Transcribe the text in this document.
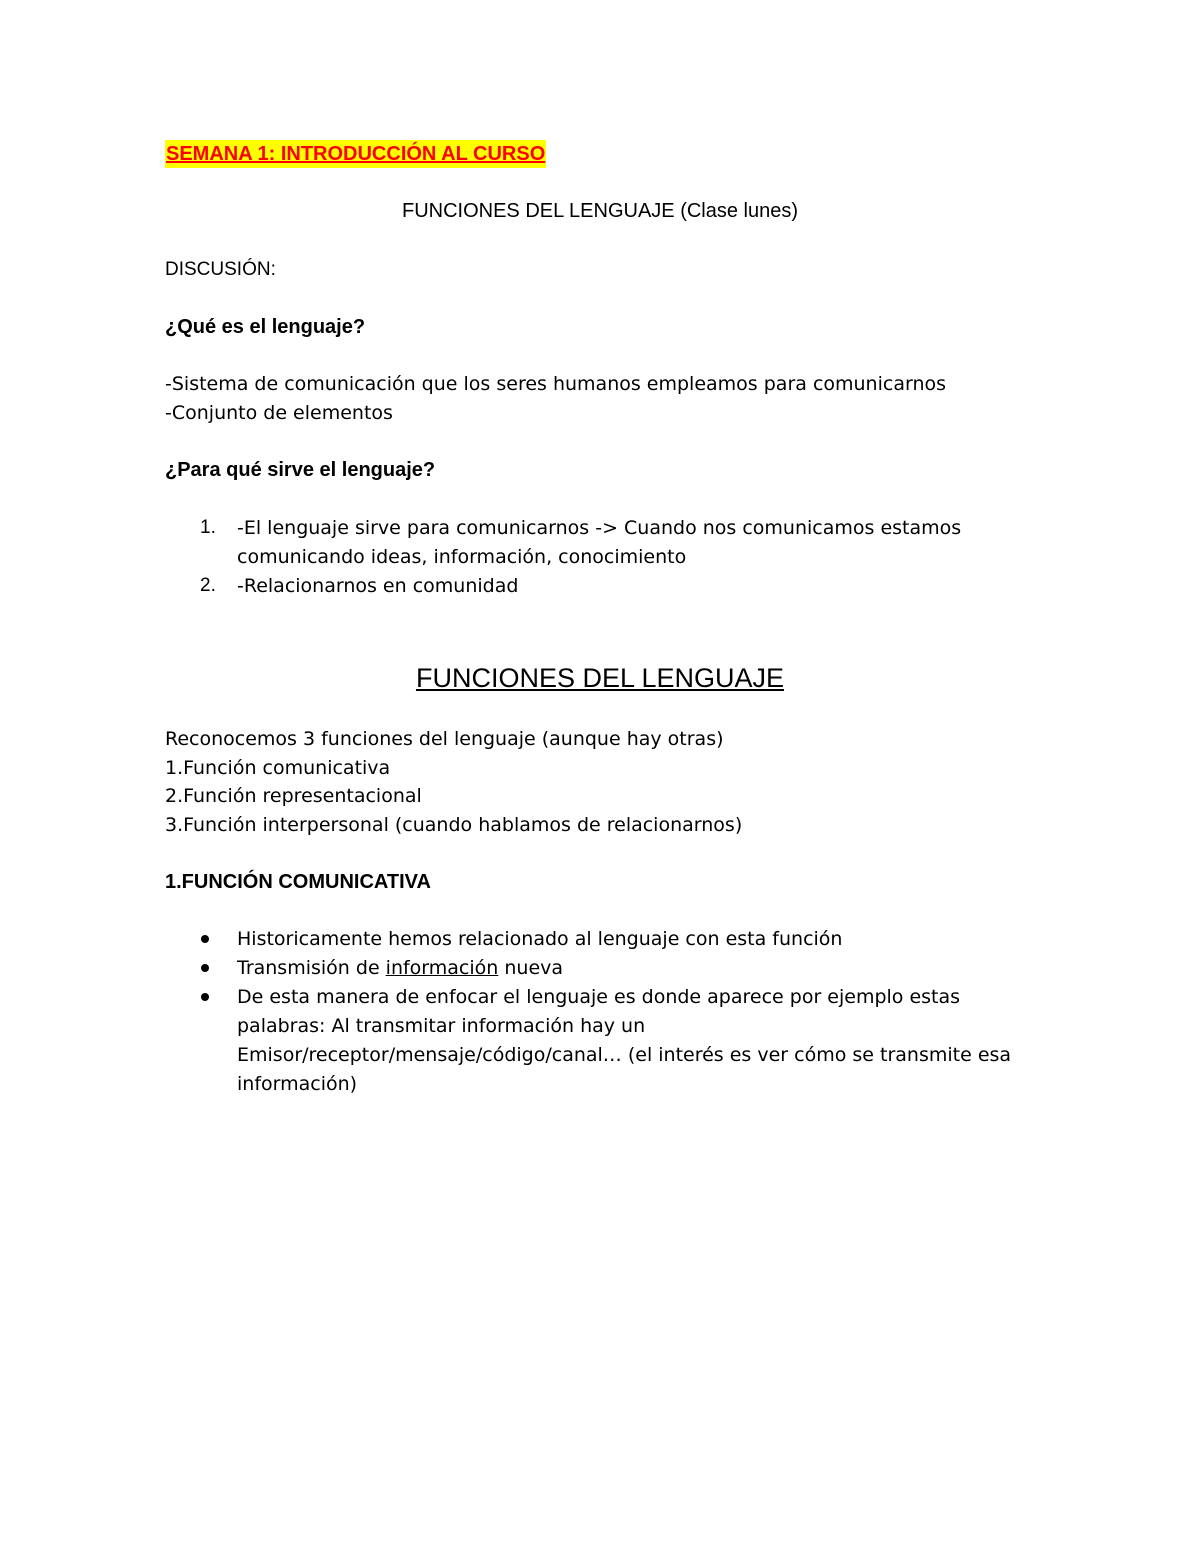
SEMANA 1: INTRODUCCIÓN AL CURSO
FUNCIONES DEL LENGUAJE (Clase lunes)
DISCUSIÓN:
¿Qué es el lenguaje?
-Sistema de comunicación que los seres humanos empleamos para comunicarnos
-Conjunto de elementos
¿Para qué sirve el lenguaje?
1. -El lenguaje sirve para comunicarnos -> Cuando nos comunicamos estamos
comunicando ideas, información, conocimiento
2. -Relacionarnos en comunidad
FUNCIONES DEL LENGUAJE
Reconocemos 3 funciones del lenguaje (aunque hay otras)
1.Función comunicativa
2.Función representacional
3.Función interpersonal (cuando hablamos de relacionarnos)
1.FUNCIÓN COMUNICATIVA
Historicamente hemos relacionado al lenguaje con esta función
Transmisión de información nueva
De esta manera de enfocar el lenguaje es donde aparece por ejemplo estas
palabras: Al transmitar información hay un
Emisor/receptor/mensaje/código/canal… (el interés es ver cómo se transmite esa
información)
